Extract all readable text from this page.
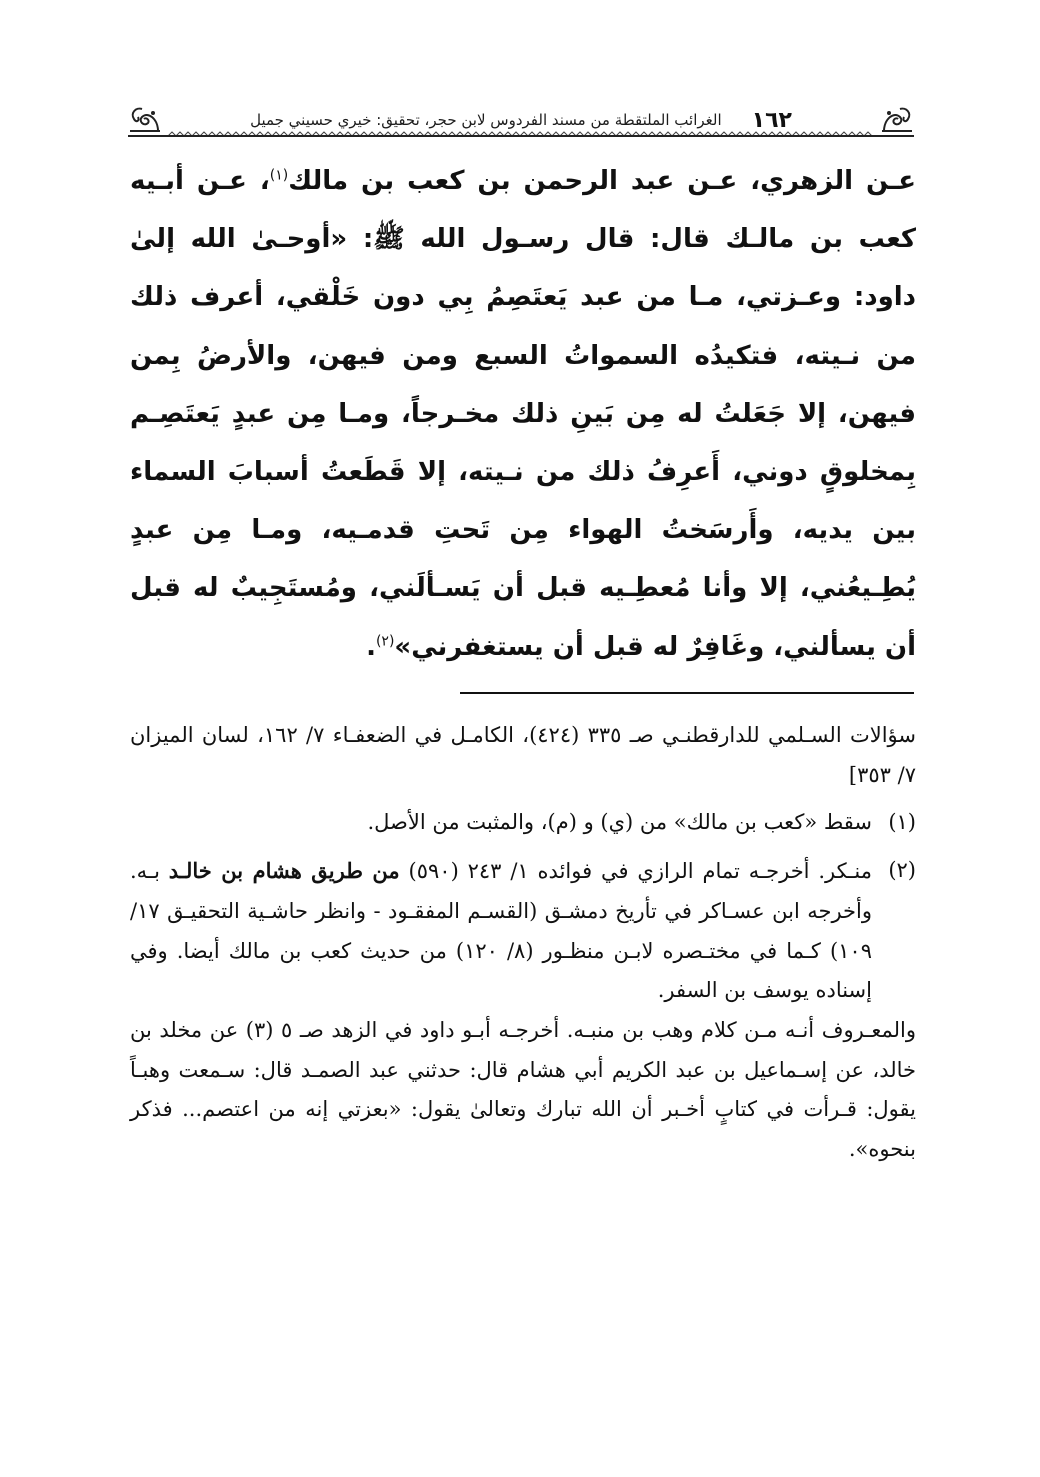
١٦٢
الغرائب الملتقطة من مسند الفردوس لابن حجر، تحقيق: خيري حسيني جميل

عـن الزهري، عـن عبد الرحمن بن كعب بن مالك$^{(١)}$، عـن أبـيه كعب بن مالـك قال: قال رسـول الله ﷺ: «أوحـىٰ الله إلىٰ داود: وعـزتي، مـا من عبد يَعتَصِمُ بِي دون خَلْقي، أعرف ذلك من نـيته، فتكيدُه السمواتُ السبع ومن فيهن، والأرضُ بِمن فيهن، إلا جَعَلتُ له مِن بَينِ ذلك مخـرجاً، ومـا مِن عبدٍ يَعتَصِـم بِمخلوقٍ دوني، أَعرِفُ ذلك من نـيته، إلا قَطَعتُ أسبابَ السماء بين يديه، وأَرسَختُ الهواء مِن تَحتِ قدمـيه، ومـا مِن عبدٍ يُطِـيعُني، إلا وأنا مُعطِـيه قبل أن يَسـألَني، ومُستَجِيبٌ له قبل أن يسألني، وغَافِرٌ له قبل أن يستغفرني»$^{(٢)}$.

سؤالات السـلمي للدارقطنـي صـ ٣٣٥ (٤٢٤)، الكامـل في الضعفـاء ٧/ ١٦٢، لسان الميزان ٧/ ٣٥٣]

(١)
سقط «كعب بن مالك» من (ي) و (م)، والمثبت من الأصل.
(٢)
منـكر. أخرجـه تمام الرازي في فوائده ١/ ٢٤٣ (٥٩٠) من طريق هشام بن خالـد بـه. وأخرجه ابن عسـاكر في تأريخ دمشـق (القسـم المفقـود - وانظر حاشـية التحقيـق ١٧/ ١٠٩) كـما في مختـصره لابـن منظـور (٨/ ١٢٠) من حديث كعب بن مالك أيضا. وفي إسناده يوسف بن السفر.

والمعـروف أنـه مـن كلام وهب بن منبـه. أخرجـه أبـو داود في الزهد صـ ٥ (٣) عن مخلد بن خالد، عن إسـماعيل بن عبد الكريم أبي هشام قال: حدثني عبد الصمـد قال: سـمعت وهبـاً يقول: قـرأت في كتابٍ أخـبر أن الله تبارك وتعالىٰ يقول: «بعزتي إنه من اعتصم... فذكر بنحوه».
